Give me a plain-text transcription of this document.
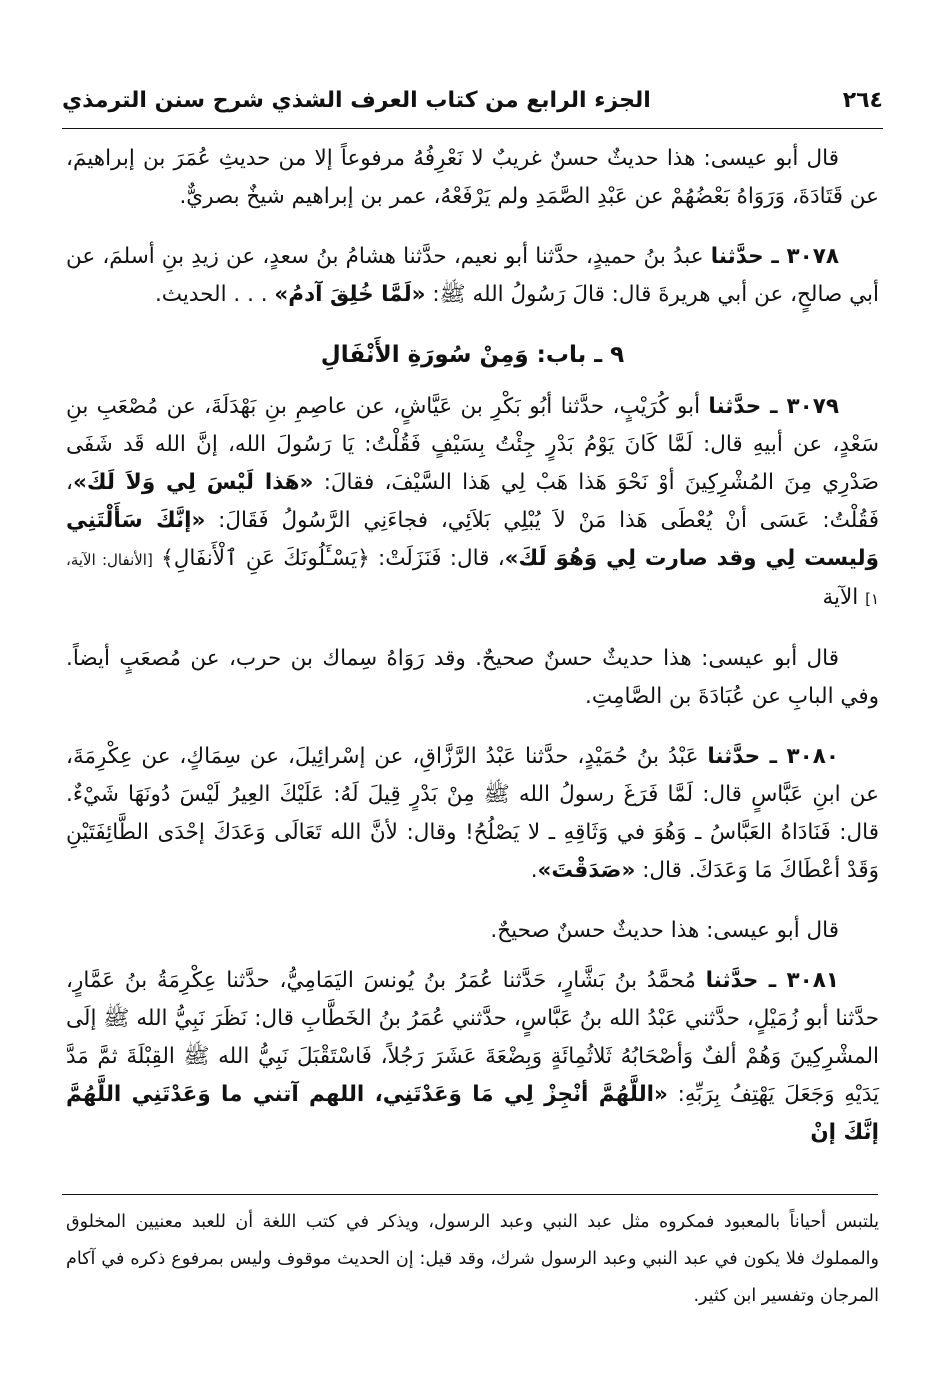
٢٦٤
الجزء الرابع من كتاب العرف الشذي شرح سنن الترمذي

قال أبو عيسى: هذا حديثٌ حسنٌ غريبٌ لا نَعْرِفُهُ مرفوعاً إلا من حديثِ عُمَرَ بن إبراهيمَ، عن قَتَادَةَ، وَرَوَاهُ بَعْضُهُمْ عن عَبْدِ الصَّمَدِ ولم يَرْفَعْهُ، عمر بن إبراهيم شيخٌ بصريٌّ.

٣٠٧٨ ـ حدَّثنا عبدُ بنُ حميدٍ، حدَّثنا أبو نعيم، حدَّثنا هشامُ بنُ سعدٍ، عن زيدِ بنِ أسلمَ، عن أبي صالحٍ، عن أبي هريرةَ قال: قالَ رَسُولُ الله ﷺ: «لَمَّا خُلِقَ آدمُ» . . . الحديث.

٩ ـ باب: وَمِنْ سُورَةِ الأَنْفَالِ

٣٠٧٩ ـ حدَّثنا أبو كُرَيْبٍ، حدَّثنا أبُو بَكْرِ بن عَيَّاشٍ، عن عاصِمِ بنِ بَهْدَلَةَ، عن مُصْعَبِ بنِ سَعْدٍ، عن أبيهِ قال: لَمَّا كَانَ يَوْمُ بَدْرٍ جِئْتُ بِسَيْفٍ فَقُلْتُ: يَا رَسُولَ الله، إنَّ الله قَد شَفَى صَدْرِي مِنَ المُشْرِكِينَ أوْ نَحْوَ هَذا هَبْ لِي هَذا السَّيْفَ، فقالَ: «هَذا لَيْسَ لِي وَلاَ لَكَ»، فَقُلْتُ: عَسَى أنْ يُعْطَى هَذا مَنْ لاَ يُبْلِي بَلاَئِي، فجاءَنِي الرَّسُولُ فَقَالَ: «إنَّكَ سَأَلْتَنِي وَليست لِي وقد صارت لِي وَهُوَ لَكَ»، قال: فَنَزَلَتْ: ﴿يَسْـَٔلُونَكَ عَنِ ٱلْأَنفَالِ﴾ [الأنفال: الآية، ١] الآية

قال أبو عيسى: هذا حديثٌ حسنٌ صحيحٌ. وقد رَوَاهُ سِماك بن حرب، عن مُصعَبٍ أيضاً. وفي البابِ عن عُبَادَةَ بن الصَّامِتِ.

٣٠٨٠ ـ حدَّثنا عَبْدُ بنُ حُمَيْدٍ، حدَّثنا عَبْدُ الرَّزَّاقِ، عن إسْرائِيلَ، عن سِمَاكٍ، عن عِكْرِمَةَ، عن ابنِ عَبَّاسٍ قال: لَمَّا فَرَغَ رسولُ الله ﷺ مِنْ بَدْرٍ قِيلَ لَهُ: عَلَيْكَ العِيرُ لَيْسَ دُونَهَا شَيْءٌ. قال: فَنَادَاهُ العَبَّاسُ ـ وَهُوَ في وَثَاقِهِ ـ لا يَصْلُحُ! وقال: لأنَّ الله تَعَالَى وَعَدَكَ إحْدَى الطَّائِفَتَيْنِ وَقَدْ أعْطَاكَ مَا وَعَدَكَ. قال: «صَدَقْتَ».

قال أبو عيسى: هذا حديثٌ حسنٌ صحيحٌ.

٣٠٨١ ـ حدَّثنا مُحمَّدُ بنُ بَشَّارٍ، حَدَّثنا عُمَرُ بنُ يُونسَ اليَمَامِيُّ، حدَّثنا عِكْرِمَةُ بنُ عَمَّارٍ، حدَّثنا أبو زُمَيْلٍ، حدَّثني عَبْدُ الله بنُ عَبَّاسٍ، حدَّثني عُمَرُ بنُ الخَطَّابِ قال: نَظَرَ نَبِيُّ الله ﷺ إلَى المشْرِكِينَ وَهُمْ ألفٌ وَأصْحَابُهُ ثَلاثُمِائَةٍ وَبِضْعَةَ عَشَرَ رَجُلاً، فَاسْتَقْبَلَ نَبِيُّ الله ﷺ القِبْلَةَ ثمَّ مَدَّ يَدَيْهِ وَجَعَلَ يَهْتِفُ بِرَبِّهِ: «اللَّهُمَّ أنْجِزْ لِي مَا وَعَدْتَنِي، اللهم آتني ما وَعَدْتَنِي اللَّهُمَّ إنَّكَ إنْ

يلتبس أحياناً بالمعبود فمكروه مثل عبد النبي وعبد الرسول، ويذكر في كتب اللغة أن للعبد معنيين المخلوق والمملوك فلا يكون في عبد النبي وعبد الرسول شرك، وقد قيل: إن الحديث موقوف وليس بمرفوع ذكره في آكام المرجان وتفسير ابن كثير.
